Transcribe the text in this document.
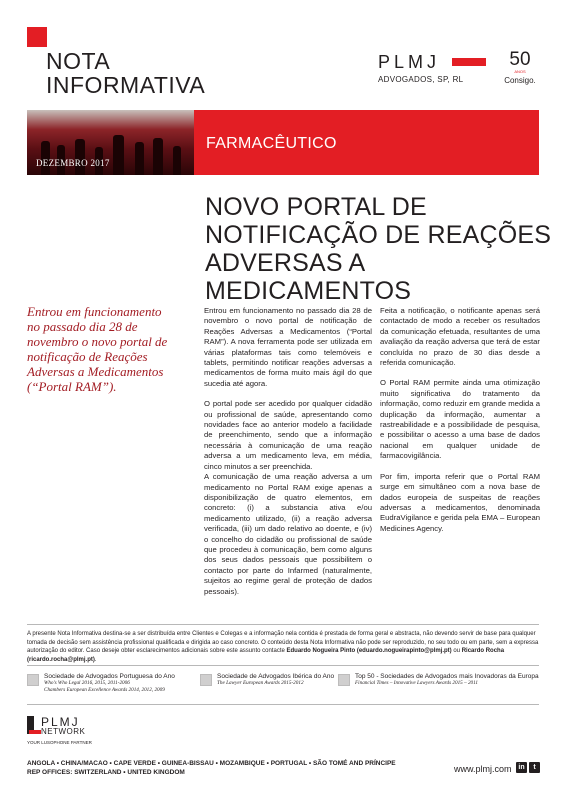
NOTA
INFORMATIVA
PLMJ
ADVOGADOS, SP, RL
50
ANOS
Consigo.
DEZEMBRO 2017
FARMACÊUTICO
NOVO PORTAL DE
NOTIFICAÇÃO DE REAÇÕES
ADVERSAS A MEDICAMENTOS
Entrou em funcionamento no passado dia 28 de novembro o novo portal de notificação de Reações Adversas a Medicamentos (“Portal RAM”).

Entrou em funcionamento no passado dia 28 de novembro o novo portal de notificação de Reações Adversas a Medicamentos (“Portal RAM”). A nova ferramenta pode ser utilizada em várias plataformas tais como telemóveis e tablets, permitindo notificar reações adversas a medicamentos de forma muito mais ágil do que sucedia até agora.

O portal pode ser acedido por qualquer cidadão ou profissional de saúde, apresentando como novidades face ao anterior modelo a facilidade de preenchimento, sendo que a informação necessária à comunicação de uma reação adversa a um medicamento leva, em média, cinco minutos a ser preenchida.

A comunicação de uma reação adversa a um medicamento no Portal RAM exige apenas a disponibilização de quatro elementos, em concreto: (i) a substancia ativa e/ou medicamento utilizado, (ii) a reação adversa verificada, (iii) um dado relativo ao doente, e (iv) o concelho do cidadão ou profissional de saúde que procedeu à comunicação, bem como alguns dos seus dados pessoais que possibilitem o contacto por parte do Infarmed (naturalmente, sujeitos ao regime geral de proteção de dados pessoais).

Feita a notificação, o notificante apenas será contactado de modo a receber os resultados da comunicação efetuada, resultantes de uma avaliação da reação adversa que terá de estar concluída no prazo de 30 dias desde a referida comunicação.

O Portal RAM permite ainda uma otimização muito significativa do tratamento da informação, como reduzir em grande medida a duplicação da informação, aumentar a rastreabilidade e a possibilidade de pesquisa, e possibilitar o acesso a uma base de dados nacional em qualquer unidade de farmacovigilância.

Por fim, importa referir que o Portal RAM surge em simultâneo com a nova base de dados europeia de suspeitas de reações adversas a medicamentos, denominada EudraVigilance e gerida pela EMA – European Medicines Agency.

A presente Nota Informativa destina-se a ser distribuída entre Clientes e Colegas e a informação nela contida é prestada de forma geral e abstracta, não devendo servir de base para qualquer tomada de decisão sem assistência profissional qualificada e dirigida ao caso concreto. O conteúdo desta Nota Informativa não pode ser reproduzido, no seu todo ou em parte, sem a expressa autorização do editor. Caso deseje obter esclarecimentos adicionais sobre este assunto contacte Eduardo Nogueira Pinto (eduardo.nogueirapinto@plmj.pt) ou Ricardo Rocha (ricardo.rocha@plmj.pt).
Sociedade de Advogados Portuguesa do Ano
Who’s Who Legal 2016, 2015, 2011-2006
Chambers European Excellence Awards 2014, 2012, 2009
Sociedade de Advogados Ibérica do Ano
The Lawyer European Awards 2015-2012
Top 50 - Sociedades de Advogados mais Inovadoras da Europa
Financial Times – Innovative Lawyers Awards 2015 – 2011
PLMJ
NETWORK
YOUR LUSOPHONE PARTNER
ANGOLA • CHINA/MACAO • CAPE VERDE • GUINEA-BISSAU • MOZAMBIQUE • PORTUGAL • SÃO TOMÉ AND PRÍNCIPE
REP OFFICES: SWITZERLAND • UNITED KINGDOM	www.plmj.com in	t
